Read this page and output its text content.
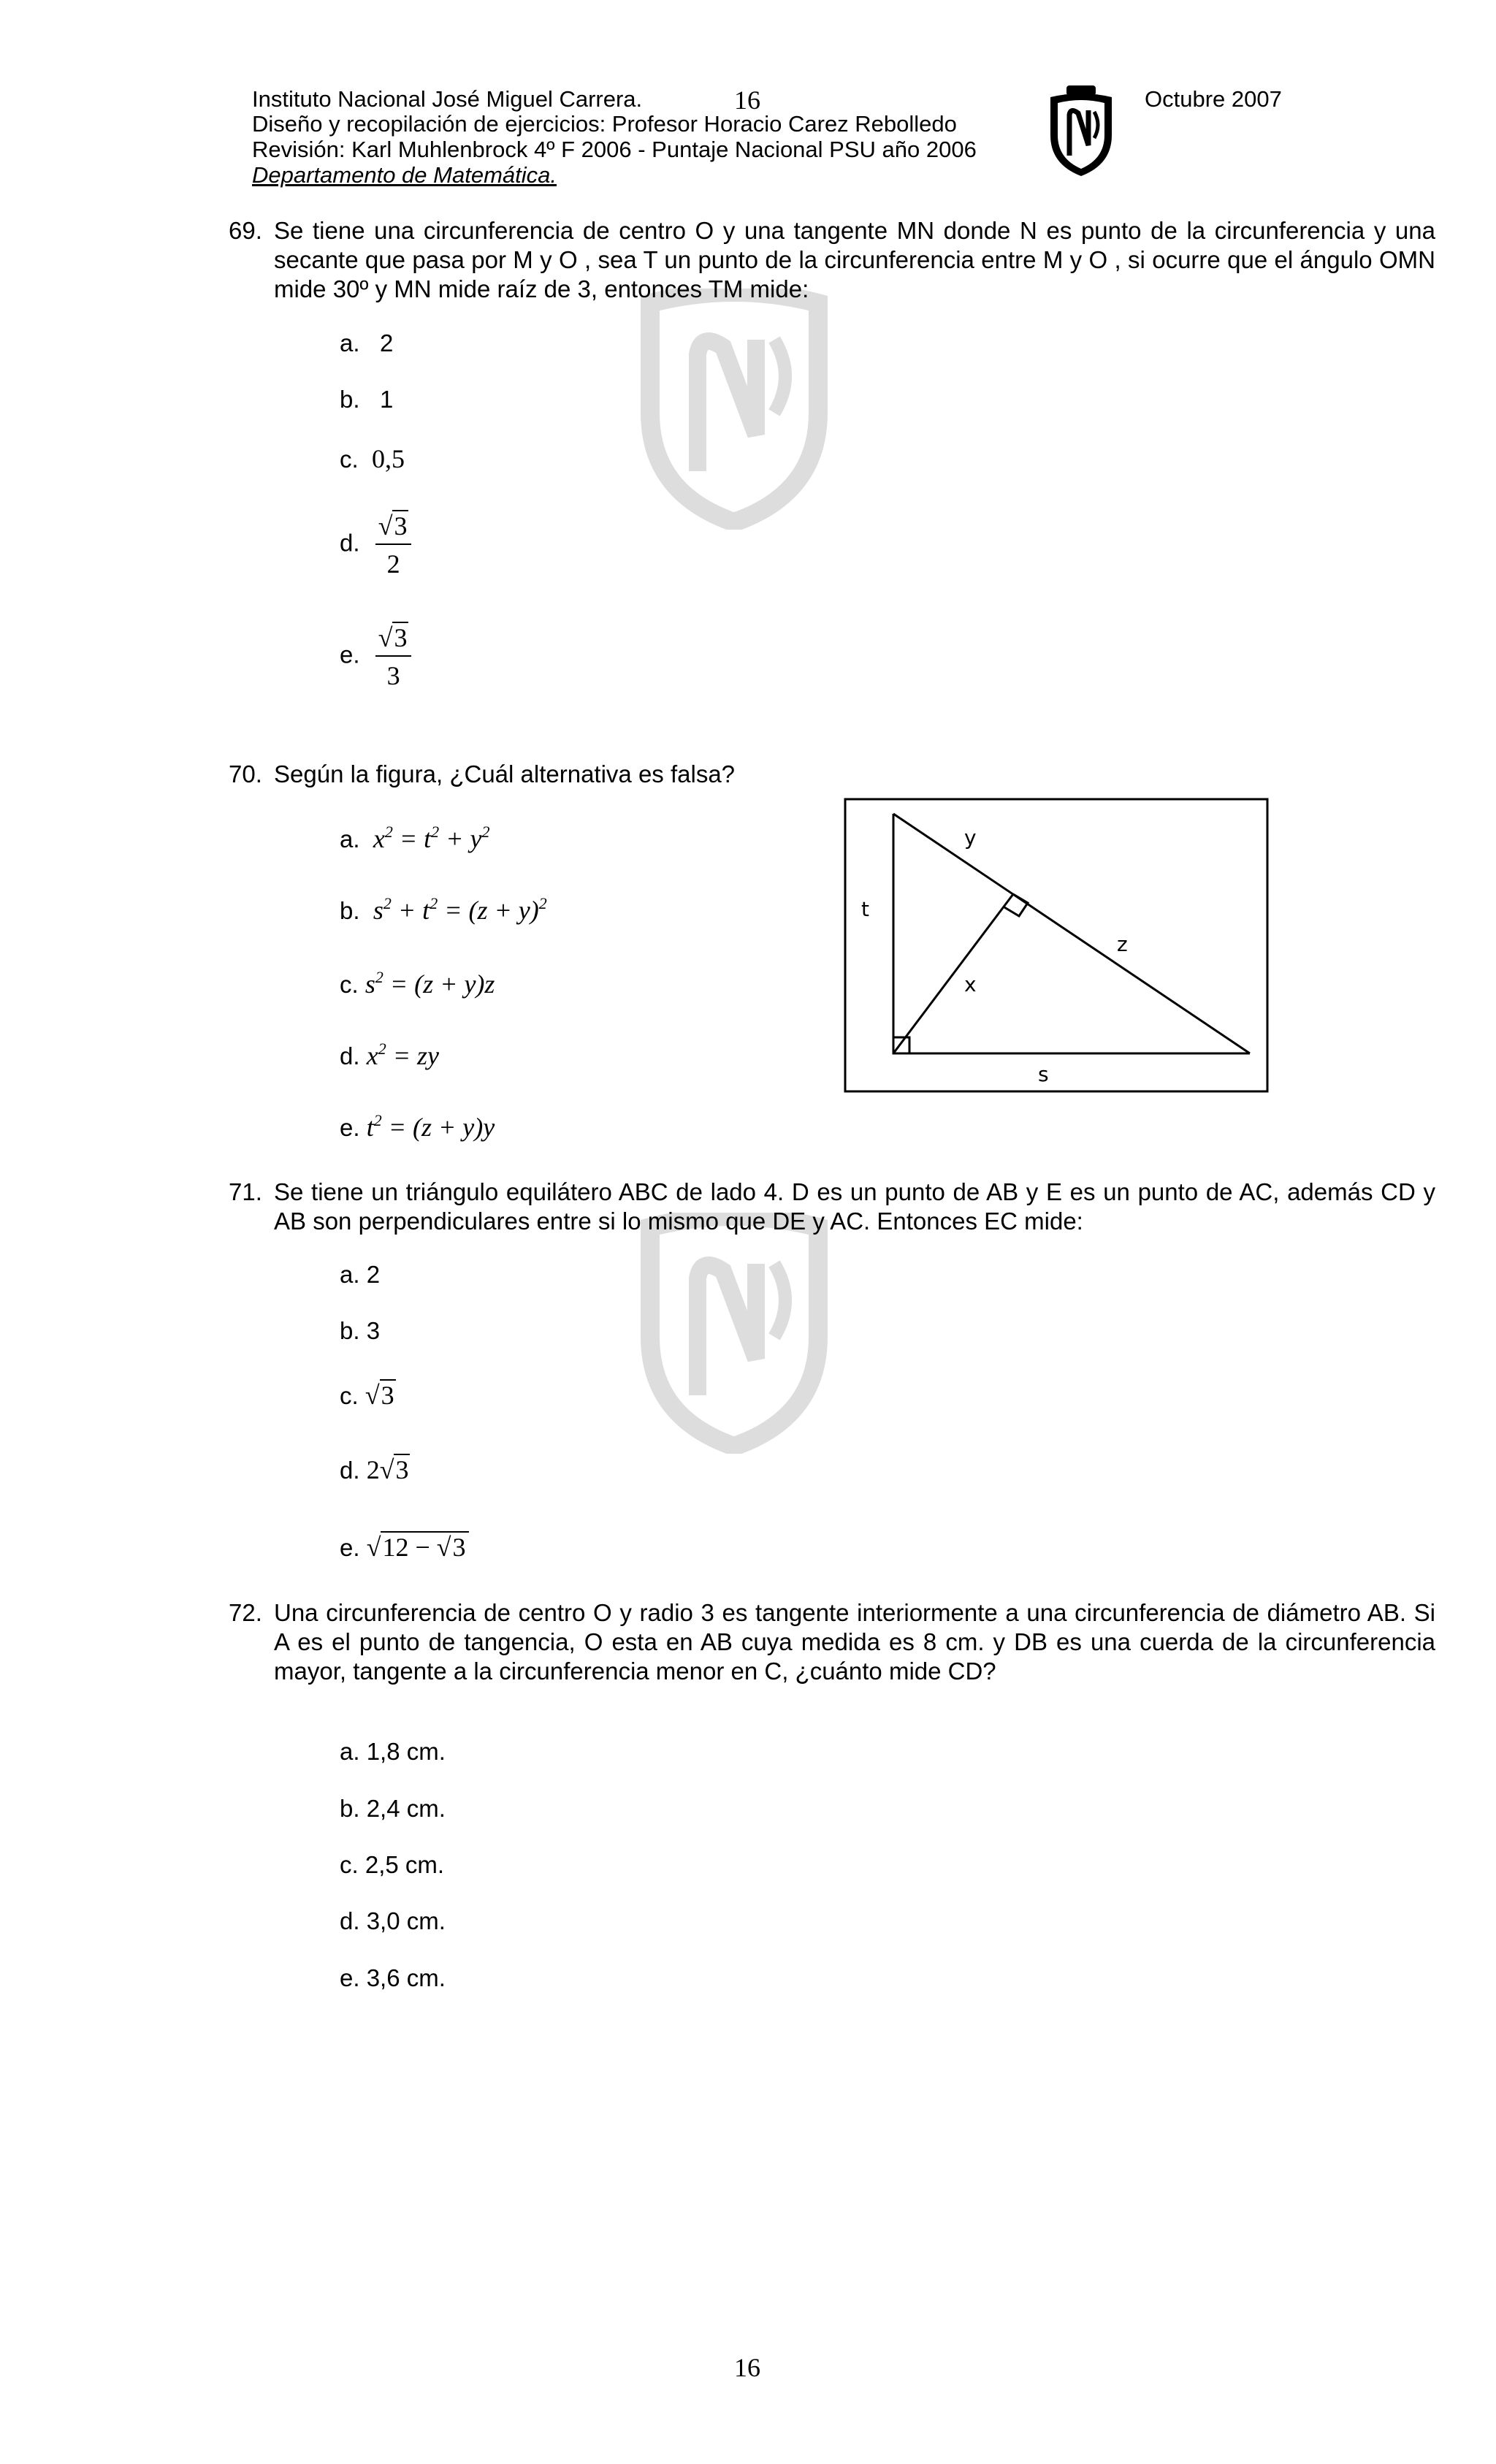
Instituto Nacional José Miguel Carrera.	16	Octubre 2007
Diseño y recopilación de ejercicios: Profesor Horacio Carez Rebolledo
Revisión: Karl Muhlenbrock 4º F 2006 - Puntaje Nacional PSU año 2006
Departamento de Matemática.
69. Se tiene una circunferencia de centro O y una tangente MN donde N es punto de la circunferencia y una secante que pasa por M y O , sea T un punto de la circunferencia entre M y O , si ocurre que el ángulo OMN mide 30º y MN mide raíz de 3, entonces TM mide:
a. 2
b. 1
c. 0,5
d. $\frac{√3}{2}$
e. $\frac{√3}{3}$
70. Según la figura, ¿Cuál alternativa es falsa?
a. $x^2 = t^2 + y^2$
b. $s^2 + t^2 = (z + y)^2$
c. $s^2 = (z + y)z$
d. $x^2$ = zy
e. $t^2 = (z + y)y$
y
t
z
x
s
71. Se tiene un triángulo equilátero ABC de lado 4. D es un punto de AB y E es un punto de AC, además CD y AB son perpendiculares entre si lo mismo que DE y AC. Entonces EC mide:
a. 2
b. 3
c. √3
d. 2√3
e. √12 − √3
72. Una circunferencia de centro O y radio 3 es tangente interiormente a una circunferencia de diámetro AB. Si A es el punto de tangencia, O esta en AB cuya medida es 8 cm. y DB es una cuerda de la circunferencia mayor, tangente a la circunferencia menor en C, ¿cuánto mide CD?
a. 1,8 cm.
b. 2,4 cm.
c. 2,5 cm.
d. 3,0 cm.
e. 3,6 cm.
16
